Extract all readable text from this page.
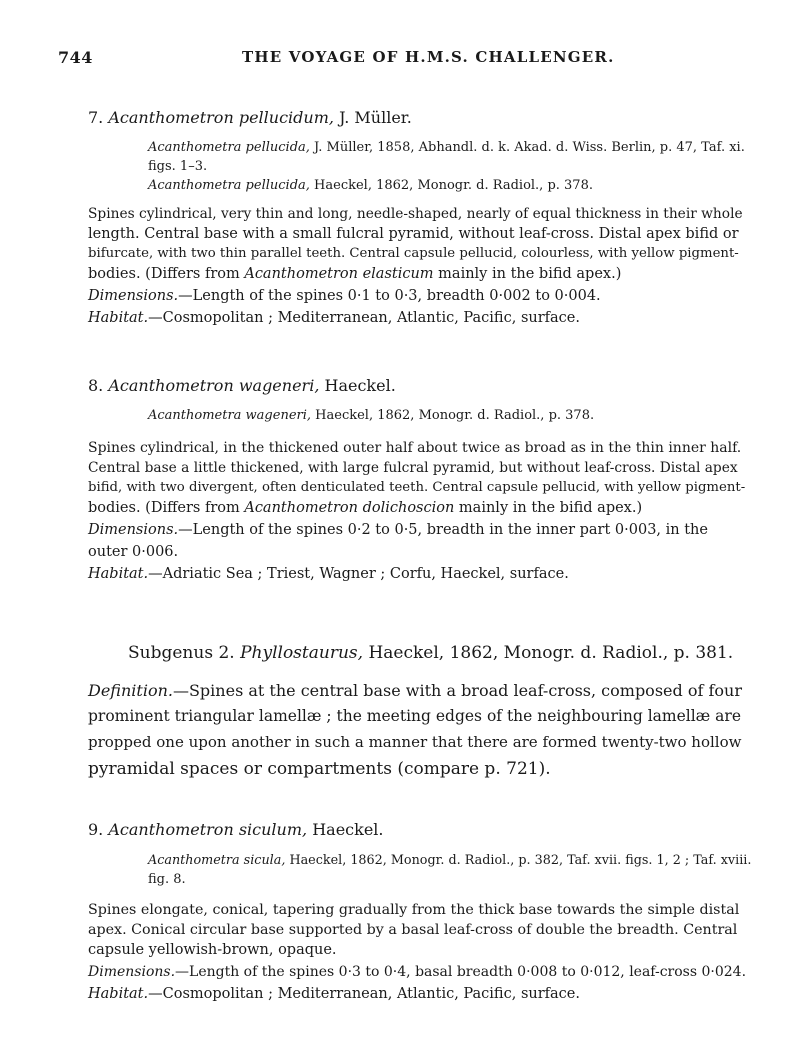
744	THE VOYAGE OF H.M.S. CHALLENGER.
7. Acanthometron pellucidum, J. Müller.
Acanthometra pellucida, J. Müller, 1858, Abhandl. d. k. Akad. d. Wiss. Berlin, p. 47, Taf. xi.
figs. 1–3.
Acanthometra pellucida, Haeckel, 1862, Monogr. d. Radiol., p. 378.
Spines cylindrical, very thin and long, needle-shaped, nearly of equal thickness in their whole
length. Central base with a small fulcral pyramid, without leaf-cross. Distal apex bifid or
bifurcate, with two thin parallel teeth. Central capsule pellucid, colourless, with yellow pigment-
bodies. (Differs from Acanthometron elasticum mainly in the bifid apex.)
Dimensions.—Length of the spines 0·1 to 0·3, breadth 0·002 to 0·004.
Habitat.—Cosmopolitan ; Mediterranean, Atlantic, Pacific, surface.
8. Acanthometron wageneri, Haeckel.
Acanthometra wageneri, Haeckel, 1862, Monogr. d. Radiol., p. 378.
Spines cylindrical, in the thickened outer half about twice as broad as in the thin inner half.
Central base a little thickened, with large fulcral pyramid, but without leaf-cross. Distal apex
bifid, with two divergent, often denticulated teeth. Central capsule pellucid, with yellow pigment-
bodies. (Differs from Acanthometron dolichoscion mainly in the bifid apex.)
Dimensions.—Length of the spines 0·2 to 0·5, breadth in the inner part 0·003, in the
outer 0·006.
Habitat.—Adriatic Sea ; Triest, Wagner ; Corfu, Haeckel, surface.
Subgenus 2. Phyllostaurus, Haeckel, 1862, Monogr. d. Radiol., p. 381.
Definition.—Spines at the central base with a broad leaf-cross, composed of four
prominent triangular lamellæ ; the meeting edges of the neighbouring lamellæ are
propped one upon another in such a manner that there are formed twenty-two hollow
pyramidal spaces or compartments (compare p. 721).
9. Acanthometron siculum, Haeckel.
Acanthometra sicula, Haeckel, 1862, Monogr. d. Radiol., p. 382, Taf. xvii. figs. 1, 2 ; Taf. xviii.
fig. 8.
Spines elongate, conical, tapering gradually from the thick base towards the simple distal
apex. Conical circular base supported by a basal leaf-cross of double the breadth. Central
capsule yellowish-brown, opaque.
Dimensions.—Length of the spines 0·3 to 0·4, basal breadth 0·008 to 0·012, leaf-cross 0·024.
Habitat.—Cosmopolitan ; Mediterranean, Atlantic, Pacific, surface.
